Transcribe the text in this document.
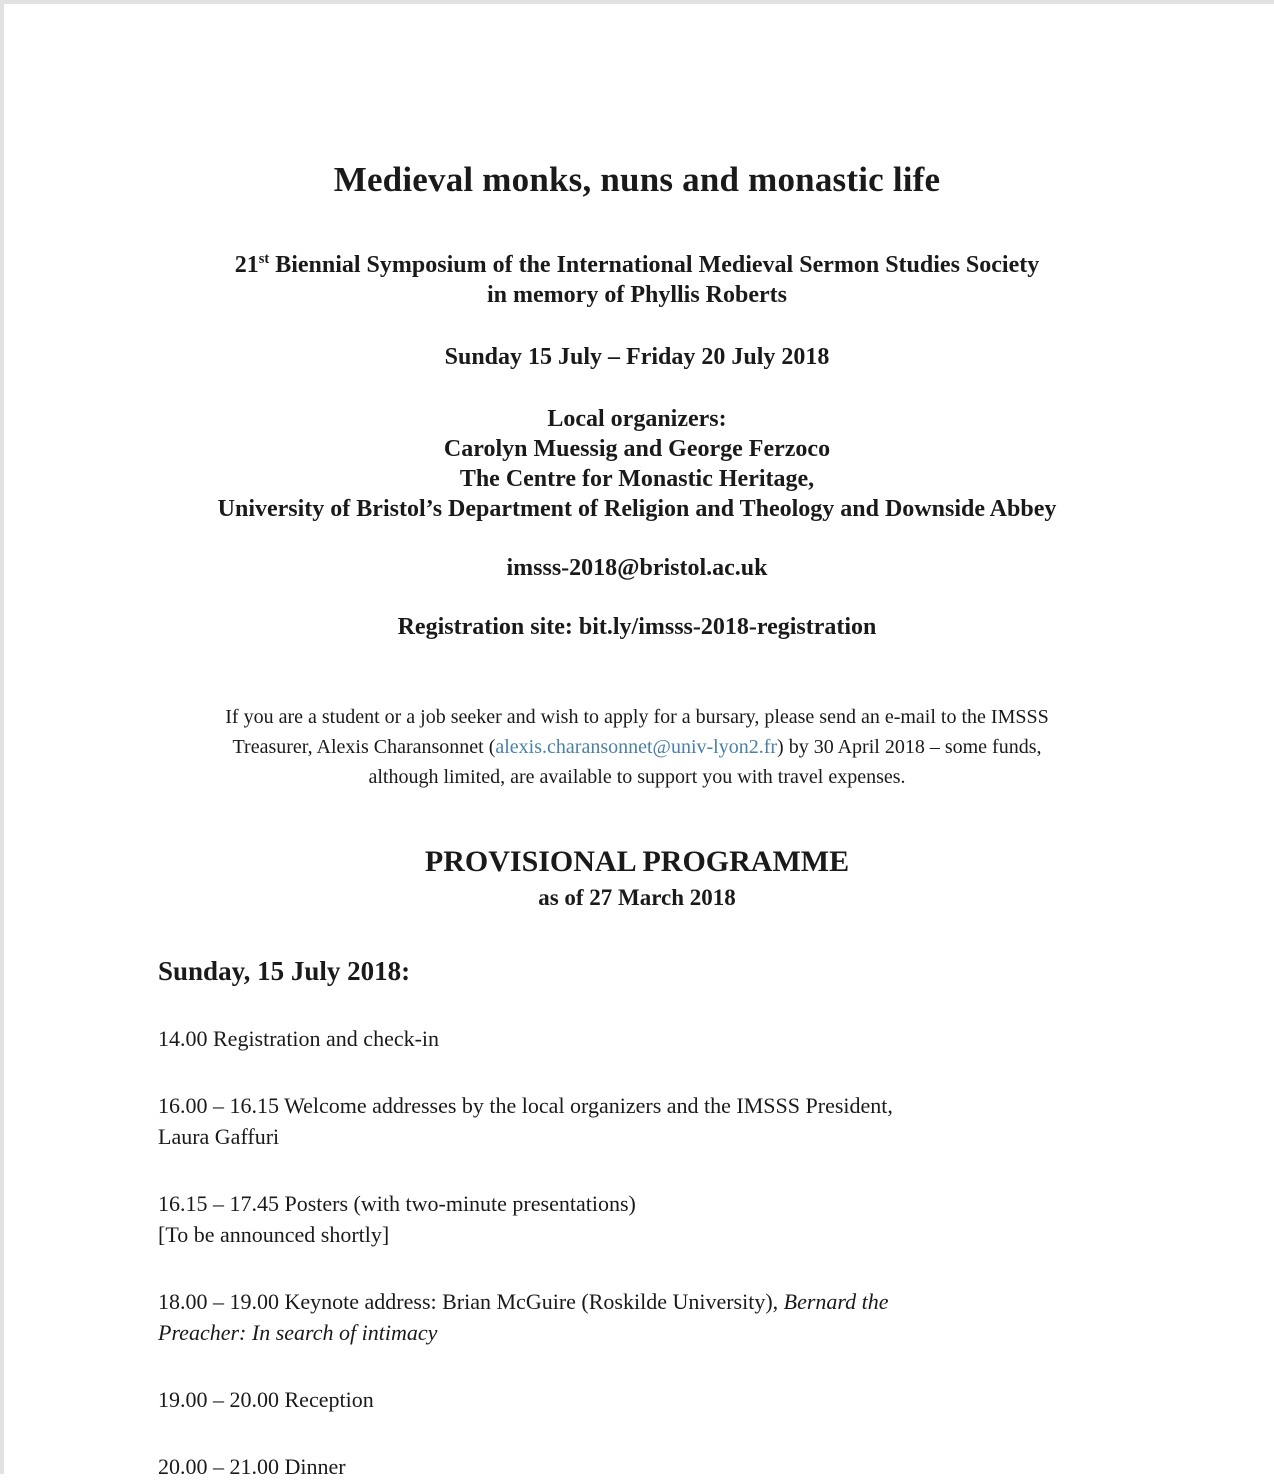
Medieval monks, nuns and monastic life

21st Biennial Symposium of the International Medieval Sermon Studies Society
in memory of Phyllis Roberts

Sunday 15 July – Friday 20 July 2018

Local organizers:
Carolyn Muessig and George Ferzoco
The Centre for Monastic Heritage,
University of Bristol’s Department of Religion and Theology and Downside Abbey

imsss-2018@bristol.ac.uk

Registration site: bit.ly/imsss-2018-registration

If you are a student or a job seeker and wish to apply for a bursary, please send an e-mail to the IMSSS
Treasurer, Alexis Charansonnet (alexis.charansonnet@univ-lyon2.fr) by 30 April 2018 – some funds,
although limited, are available to support you with travel expenses.

PROVISIONAL PROGRAMME

as of 27 March 2018

Sunday, 15 July 2018:

14.00 Registration and check-in

16.00 – 16.15 Welcome addresses by the local organizers and the IMSSS President,
Laura Gaffuri

16.15 – 17.45 Posters (with two-minute presentations)
[To be announced shortly]

18.00 – 19.00 Keynote address: Brian McGuire (Roskilde University), Bernard the
Preacher: In search of intimacy

19.00 – 20.00 Reception

20.00 – 21.00 Dinner
